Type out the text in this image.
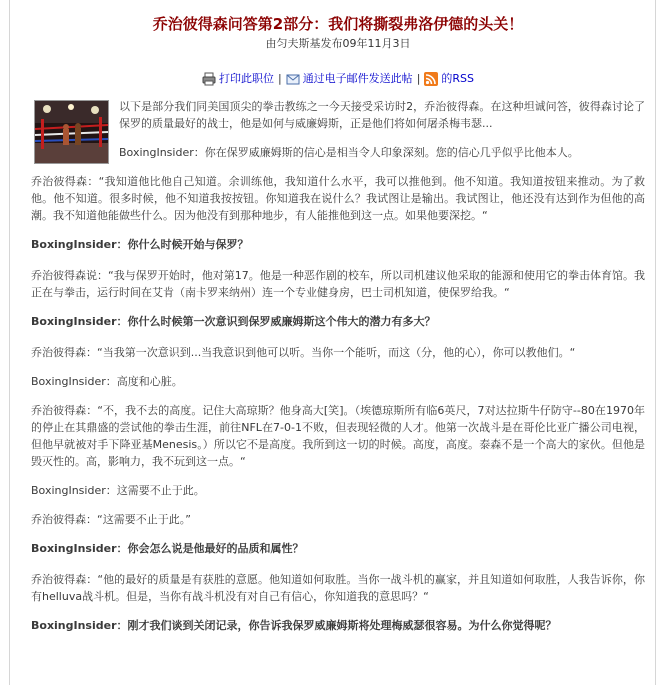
乔治彼得森问答第2部分：我们将撕裂弗洛伊德的头关！
由匀夫斯基发布09年11月3日
打印此职位 | 通过电子邮件发送此帖 | 的RSS

以下是部分我们同美国顶尖的拳击教练之一今天接受采访时2，乔治彼得森。在这种坦诚问答，彼得森讨论了保罗的质量最好的战士，他是如何与威廉姆斯，正是他们将如何屠杀梅韦瑟...

BoxingInsider：你在保罗威廉姆斯的信心是相当令人印象深刻。您的信心几乎似乎比他本人。

乔治彼得森：“我知道他比他自己知道。余训练他，我知道什么水平，我可以推他到。他不知道。我知道按钮来推动。为了救他。他不知道。很多时候，他不知道我按按钮。你知道我在说什么？我试图让是输出。我试图让，他还没有达到作为但他的高潮。我不知道他能做些什么。因为他没有到那种地步，有人能推他到这一点。如果他要深挖。“

BoxingInsider：你什么时候开始与保罗？

乔治彼得森说：“我与保罗开始时，他对第17。他是一种恶作剧的校车，所以司机建议他采取的能源和使用它的拳击体育馆。我正在与拳击，运行时间在艾肯（南卡罗来纳州）连一个专业健身房，巴士司机知道，使保罗给我。“

BoxingInsider：你什么时候第一次意识到保罗威廉姆斯这个伟大的潜力有多大？

乔治彼得森：“当我第一次意识到...当我意识到他可以听。当你一个能听，而这（分，他的心），你可以教他们。“

BoxingInsider：高度和心脏。

乔治彼得森：“不，我不去的高度。记住大高琼斯？他身高大[笑]。（埃德琼斯所有临6英尺，7对达拉斯牛仔防守--80在1970年的停止在其鼎盛的尝试他的拳击生涯，前往NFL在7-0-1不败，但表现轻微的人才。他第一次战斗是在哥伦比亚广播公司电视，但他早就被对手下降亚基Menesis。）所以它不是高度。我所到这一切的时候。高度，高度。泰森不是一个高大的家伙。但他是毁灭性的。高，影响力，我不玩到这一点。“

BoxingInsider：这需要不止于此。

乔治彼得森：“这需要不止于此。”

BoxingInsider：你会怎么说是他最好的品质和属性？

乔治彼得森：“他的最好的质量是有获胜的意愿。他知道如何取胜。当你一战斗机的赢家，并且知道如何取胜，人我告诉你，你有helluva战斗机。但是，当你有战斗机没有对自己有信心，你知道我的意思吗？“

BoxingInsider：刚才我们谈到关闭记录，你告诉我保罗威廉姆斯将处理梅威瑟很容易。为什么你觉得呢？
